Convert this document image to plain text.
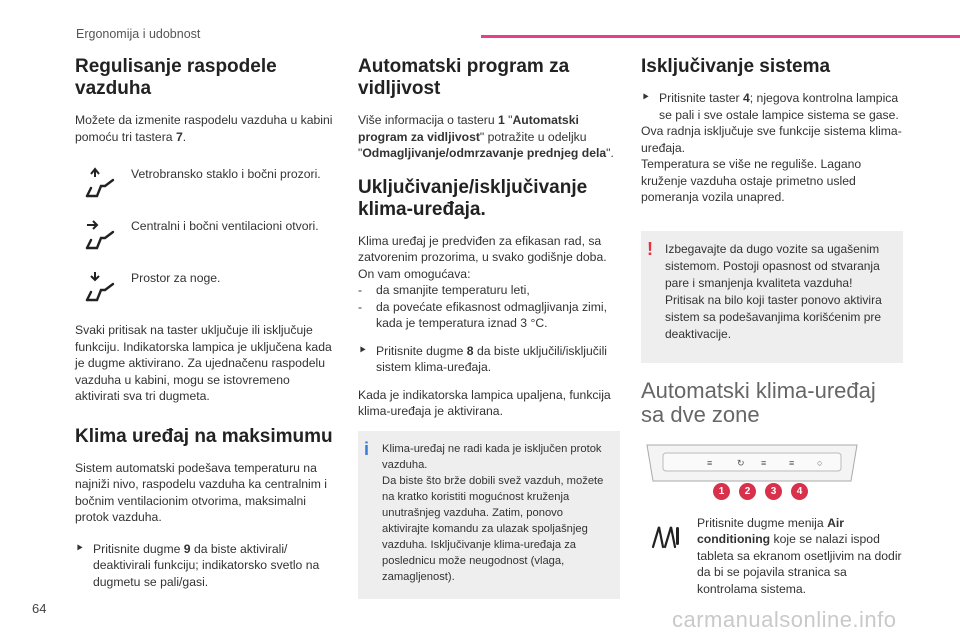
Ergonomija i udobnost
Regulisanje raspodele vazduha

Možete da izmenite raspodelu vazduha u kabini pomoću tri tastera 7.

Vetrobransko staklo i bočni prozori.
Centralni i bočni ventilacioni otvori.
Prostor za noge.

Svaki pritisak na taster uključuje ili isključuje funkciju. Indikatorska lampica je uključena kada je dugme aktivirano. Za ujednačenu raspodelu vazduha u kabini, mogu se istovremeno aktivirati sva tri dugmeta.

Klima uređaj na maksimumu

Sistem automatski podešava temperaturu na najniži nivo, raspodelu vazduha ka centralnim i bočnim ventilacionim otvorima, maksimalni protok vazduha.

⯈ Pritisnite dugme 9 da biste aktivirali/ deaktivirali funkciju; indikatorsko svetlo na dugmetu se pali/gasi.
Automatski program za vidljivost

Više informacija o tasteru 1 "Automatski program za vidljivost" potražite u odeljku "Odmagljivanje/odmrzavanje prednjeg dela".

Uključivanje/isključivanje klima-uređaja.

Klima uređaj je predviđen za efikasan rad, sa zatvorenim prozorima, u svako godišnje doba. On vam omogućava:

- da smanjite temperaturu leti,
- da povećate efikasnost odmagljivanja zimi, kada je temperatura iznad 3 °C.
⯈ Pritisnite dugme 8 da biste uključili/isključili sistem klima-uređaja.

Kada je indikatorska lampica upaljena, funkcija klima-uređaja je aktivirana.

i Klima-uređaj ne radi kada je isključen protok vazduha.
Da biste što brže dobili svež vazduh, možete na kratko koristiti mogućnost kruženja unutrašnjeg vazduha. Zatim, ponovo aktivirajte komandu za ulazak spoljašnjeg vazduha. Isključivanje klima-uređaja za poslednicu može neugodnost (vlaga, zamagljenost).
Isključivanje sistema
⯈ Pritisnite taster 4; njegova kontrolna lampica se pali i sve ostale lampice sistema se gase.

Ova radnja isključuje sve funkcije sistema klima-uređaja.
Temperatura se više ne reguliše. Lagano kruženje vazduha ostaje primetno usled pomeranja vozila unapred.

! Izbegavajte da dugo vozite sa ugašenim sistemom. Postoji opasnost od stvaranja pare i smanjenja kvaliteta vazduha!
Pritisak na bilo koji taster ponovo aktivira sistem sa podešavanjima korišćenim pre deaktivacije.
Automatski klima-uređaj sa dve zone
≡	↻ ≡	≡	○
1	2	3	4

Pritisnite dugme menija Air conditioning koje se nalazi ispod tableta sa ekranom osetljivim na dodir da bi se pojavila stranica sa kontrolama sistema.

64	carmanualsonline.info
